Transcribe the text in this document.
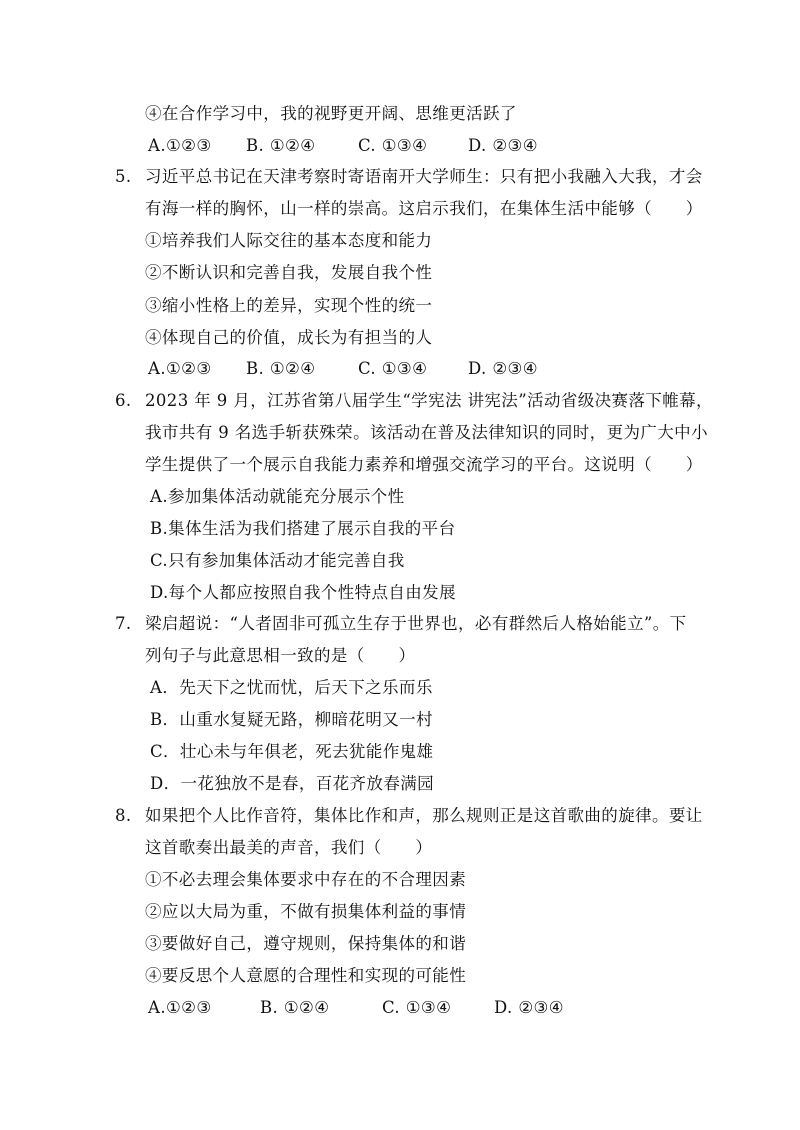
④在合作学习中，我的视野更开阔、思维更活跃了
A.①②③ B. ①②④	C. ①③④ D. ②③④
5. 习近平总书记在天津考察时寄语南开大学师生：只有把小我融入大我，才会
有海一样的胸怀，山一样的崇高。这启示我们，在集体生活中能够（　　）
①培养我们人际交往的基本态度和能力
②不断认识和完善自我，发展自我个性
③缩小性格上的差异，实现个性的统一
④体现自己的价值，成长为有担当的人
A.①②③ B. ①②④	C. ①③④ D. ②③④
6. 2023 年 9 月，江苏省第八届学生“学宪法 讲宪法”活动省级决赛落下帷幕，
我市共有 9 名选手斩获殊荣。该活动在普及法律知识的同时，更为广大中小
学生提供了一个展示自我能力素养和增强交流学习的平台。这说明（　　）
A.参加集体活动就能充分展示个性
B.集体生活为我们搭建了展示自我的平台
C.只有参加集体活动才能完善自我
D.每个人都应按照自我个性特点自由发展
7. 梁启超说：“人者固非可孤立生存于世界也，必有群然后人格始能立”。下
列句子与此意思相一致的是（　　）
A．先天下之忧而忧，后天下之乐而乐
B．山重水复疑无路，柳暗花明又一村
C．壮心未与年俱老，死去犹能作鬼雄
D．一花独放不是春，百花齐放春满园
8. 如果把个人比作音符，集体比作和声，那么规则正是这首歌曲的旋律。要让
这首歌奏出最美的声音，我们（　　）
①不必去理会集体要求中存在的不合理因素
②应以大局为重，不做有损集体利益的事情
③要做好自己，遵守规则，保持集体的和谐
④要反思个人意愿的合理性和实现的可能性
A.①②③	B. ①②④	C. ①③④	D. ②③④
